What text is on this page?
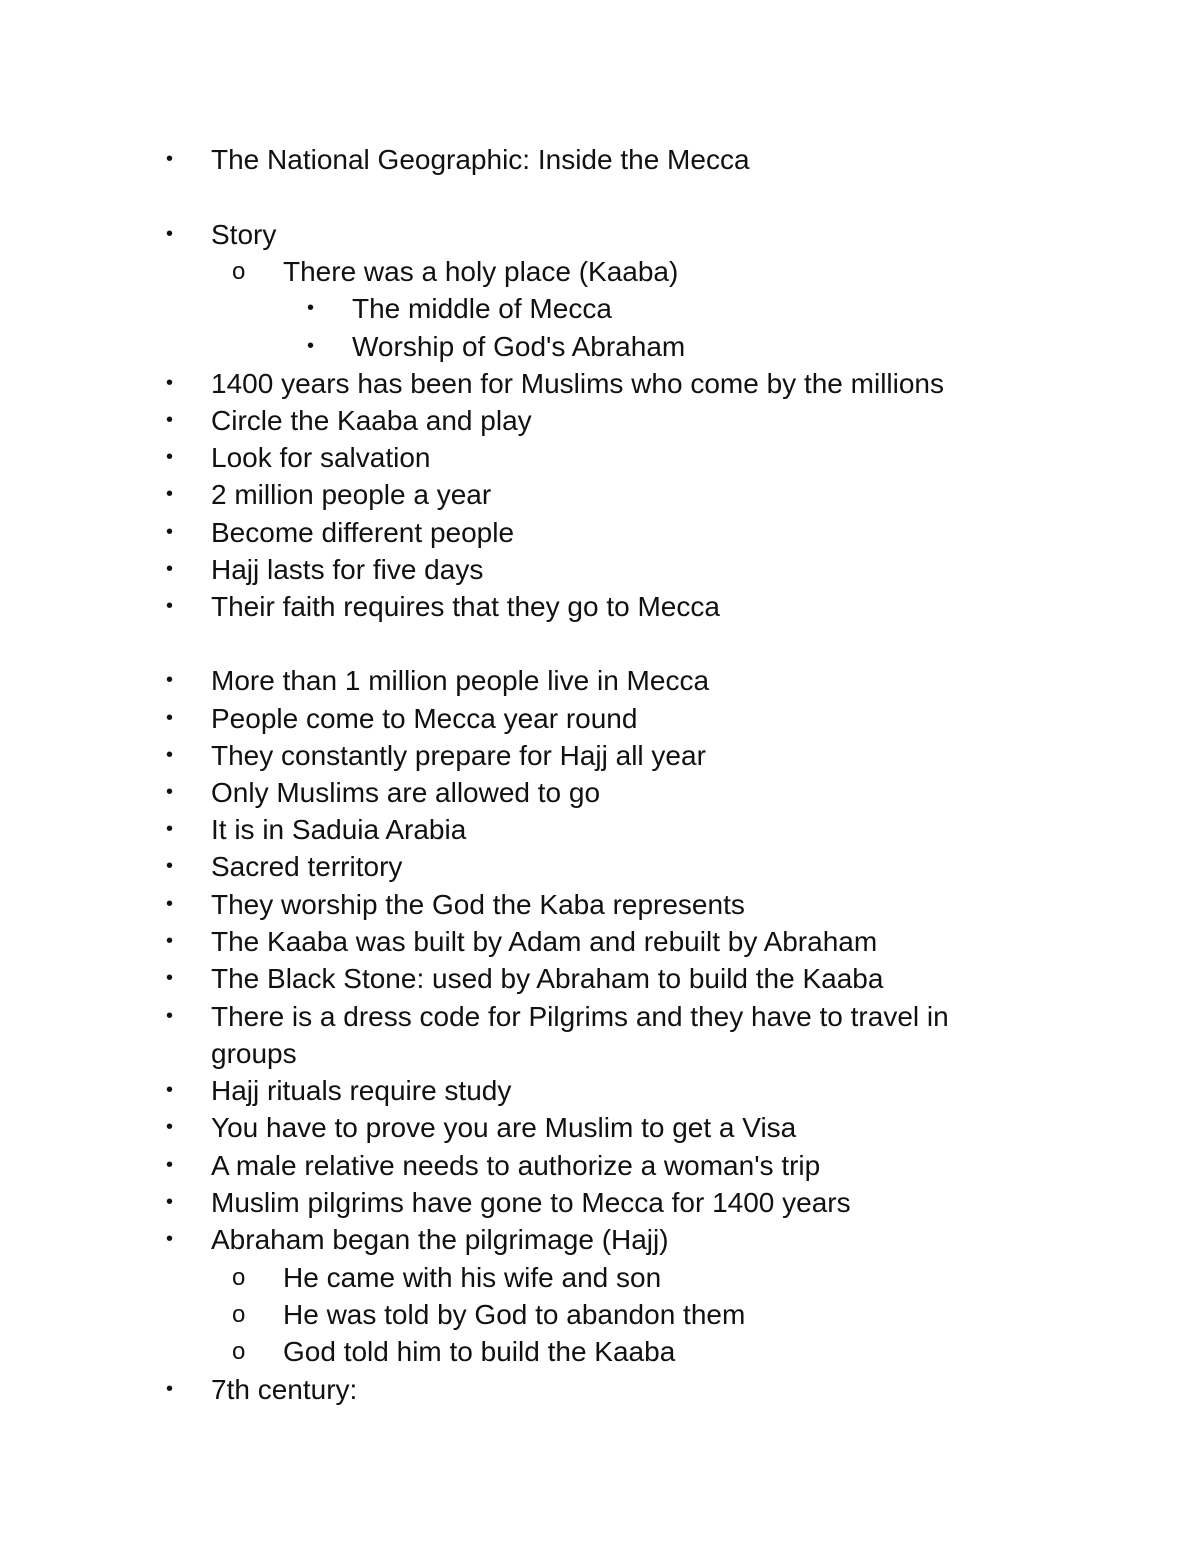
• The National Geographic: Inside the Mecca
• Story
o There was a holy place (Kaaba)
• The middle of Mecca
• Worship of God's Abraham
• 1400 years has been for Muslims who come by the millions
• Circle the Kaaba and play
• Look for salvation
• 2 million people a year
• Become different people
• Hajj lasts for five days
• Their faith requires that they go to Mecca
• More than 1 million people live in Mecca
• People come to Mecca year round
• They constantly prepare for Hajj all year
• Only Muslims are allowed to go
• It is in Saduia Arabia
• Sacred territory
• They worship the God the Kaba represents
• The Kaaba was built by Adam and rebuilt by Abraham
• The Black Stone: used by Abraham to build the Kaaba
• There is a dress code for Pilgrims and they have to travel in
groups
• Hajj rituals require study
• You have to prove you are Muslim to get a Visa
• A male relative needs to authorize a woman's trip
• Muslim pilgrims have gone to Mecca for 1400 years
• Abraham began the pilgrimage (Hajj)
o He came with his wife and son
o He was told by God to abandon them
o God told him to build the Kaaba
• 7th century:
